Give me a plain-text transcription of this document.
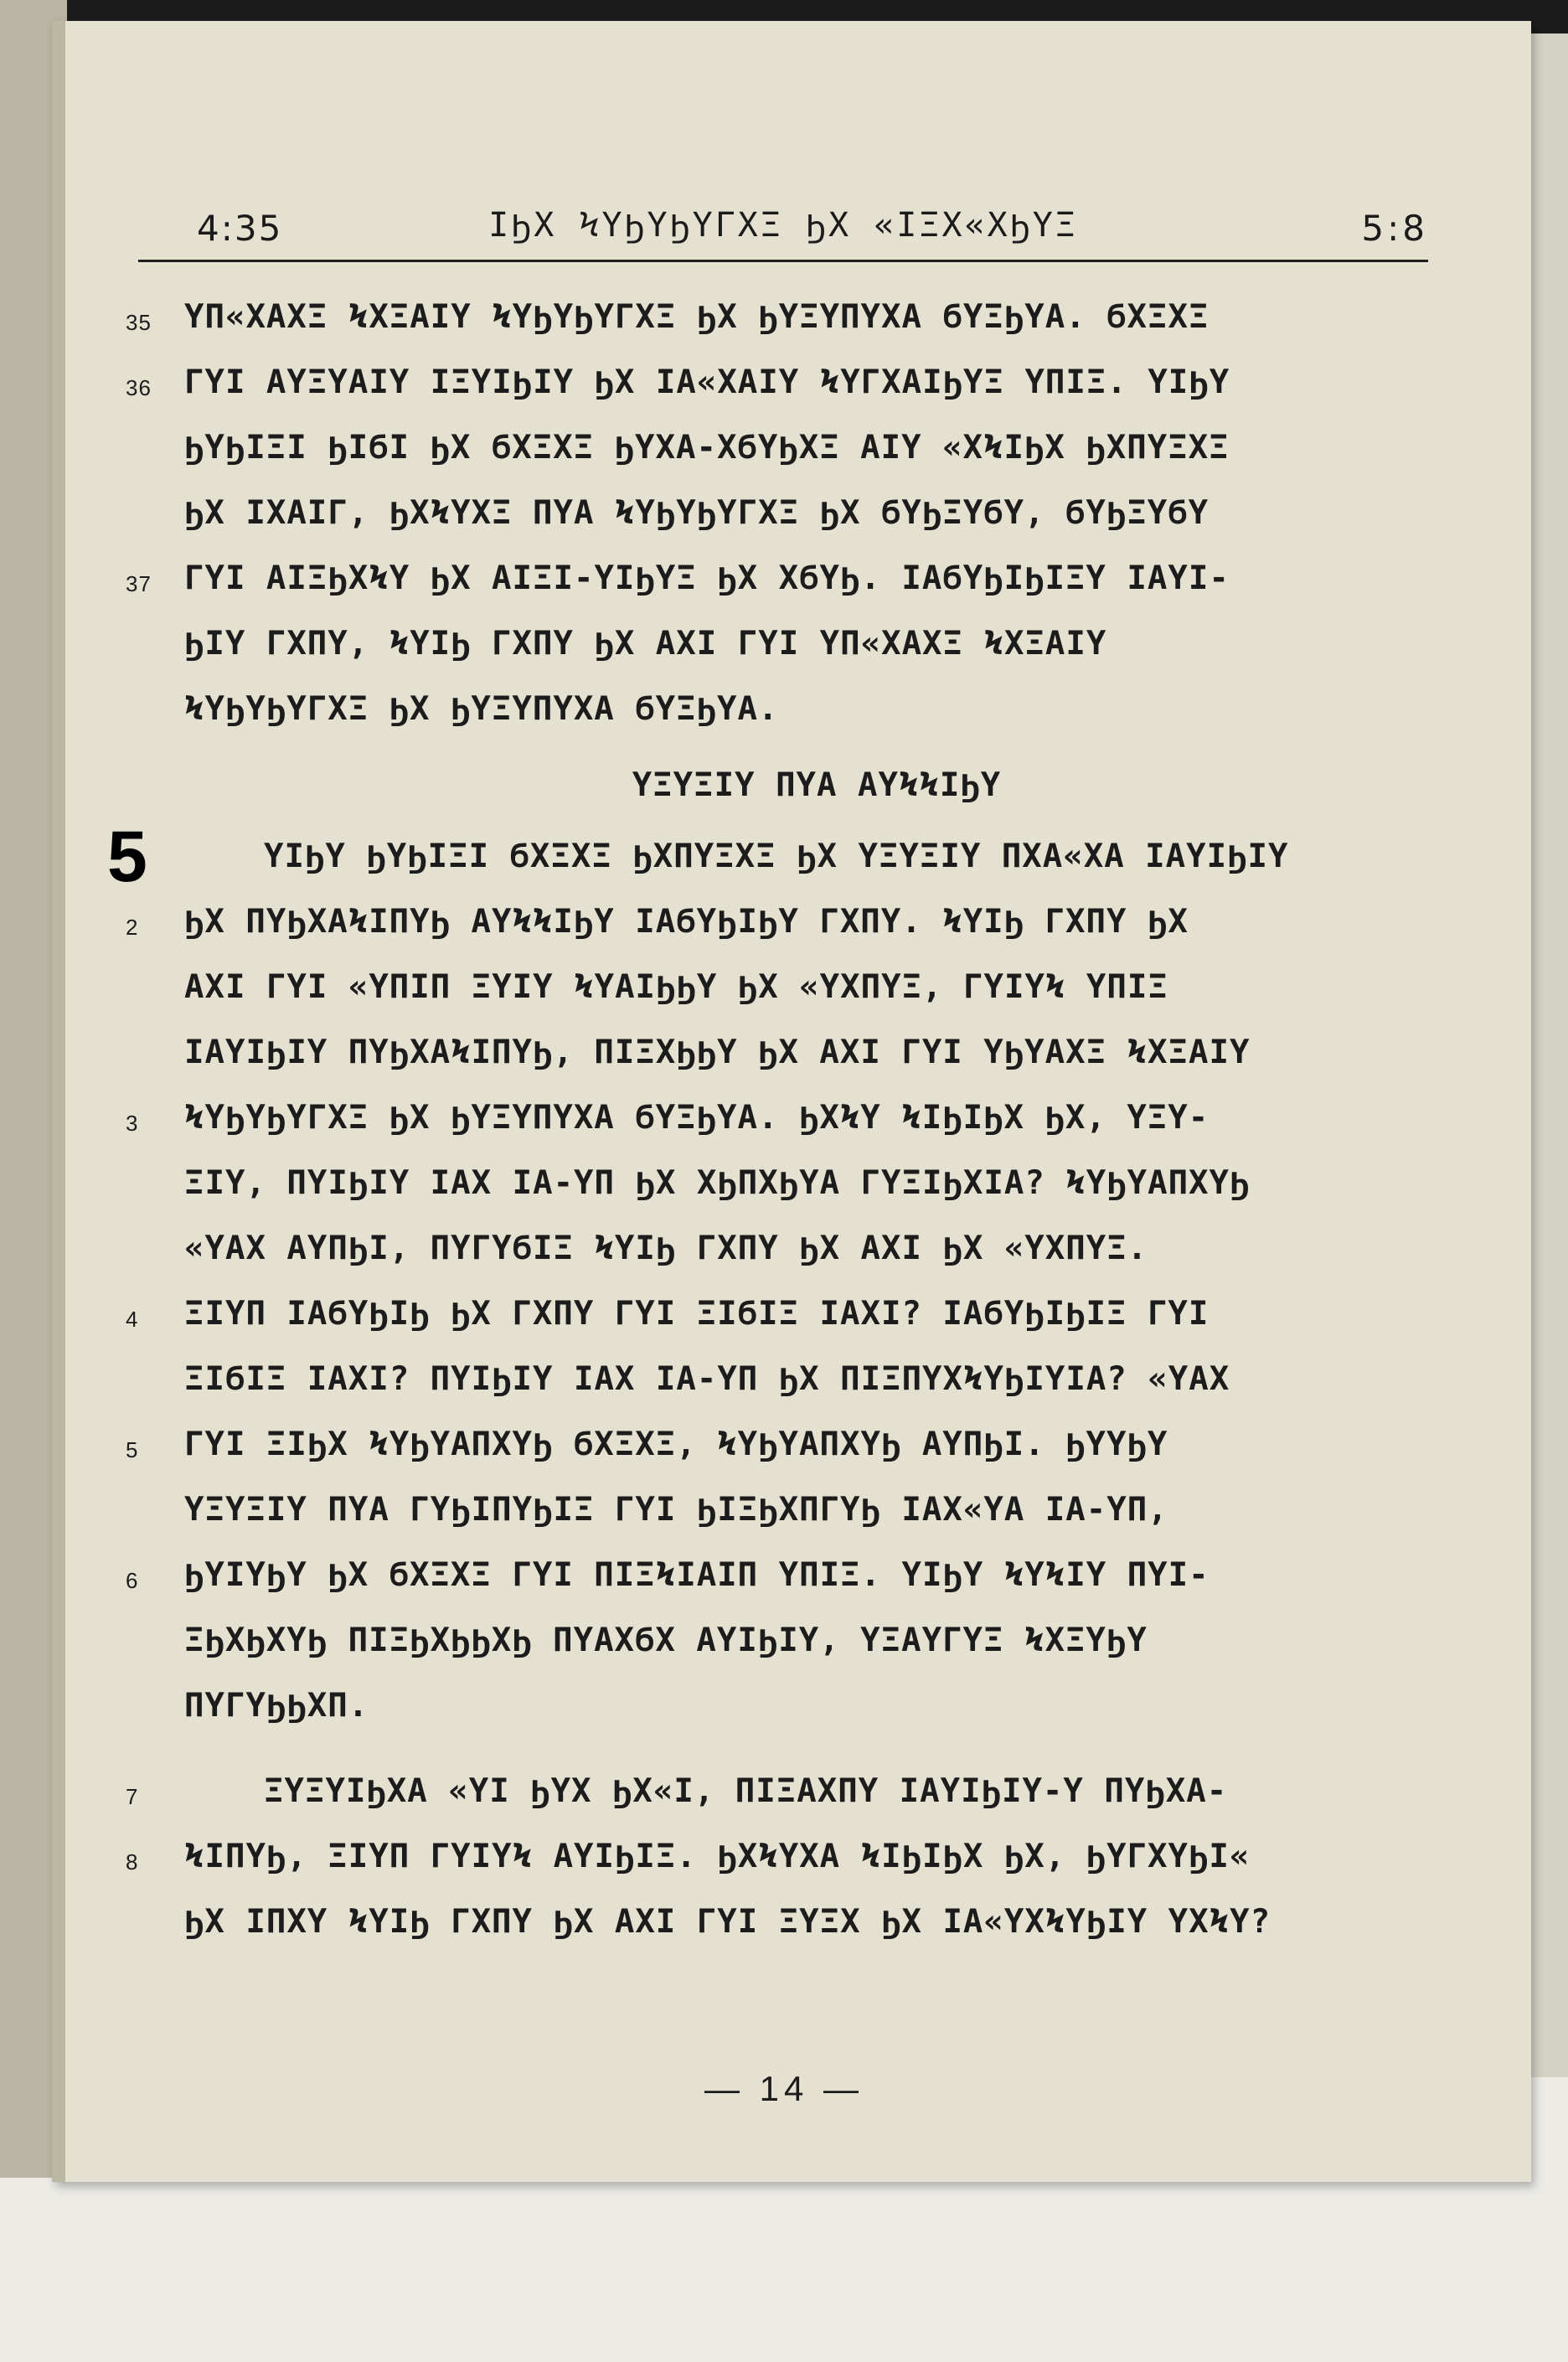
4:35	ΙϦΧ ϞΥϦΥϦΥΓΧΞ ϦΧ «ΙΞΧ«ΧϦΥΞ	5:8
35 ΥΠ«ΧΑΧΞ ϞΧΞΑΙΥ ϞΥϦΥϦΥΓΧΞ ϦΧ ϦΥΞΥΠΥΧΑ ϬΥΞϦΥΑ. ϬΧΞΧΞ
36 ΓΥΙ ΑΥΞΥΑΙΥ ΙΞΥΙϦΙΥ ϦΧ ΙΑ«ΧΑΙΥ ϞΥΓΧΑΙϦΥΞ ΥΠΙΞ. ΥΙϦΥ
ϦΥϦΙΞΙ ϦΙϬΙ ϦΧ ϬΧΞΧΞ ϦΥΧΑ-ΧϬΥϦΧΞ ΑΙΥ «ΧϞΙϦΧ ϦΧΠΥΞΧΞ
ϦΧ ΙΧΑΙΓ, ϦΧϞΥΧΞ ΠΥΑ ϞΥϦΥϦΥΓΧΞ ϦΧ ϬΥϦΞΥϬΥ, ϬΥϦΞΥϬΥ
37 ΓΥΙ ΑΙΞϦΧϞΥ ϦΧ ΑΙΞΙ-ΥΙϦΥΞ ϦΧ ΧϬΥϦ. ΙΑϬΥϦΙϦΙΞΥ ΙΑΥΙ-
ϦΙΥ ΓΧΠΥ, ϞΥΙϦ ΓΧΠΥ ϦΧ ΑΧΙ ΓΥΙ ΥΠ«ΧΑΧΞ ϞΧΞΑΙΥ
ϞΥϦΥϦΥΓΧΞ ϦΧ ϦΥΞΥΠΥΧΑ ϬΥΞϦΥΑ.
ΥΞΥΞΙΥ ΠΥΑ ΑΥϞϞΙϦΥ
5	ΥΙϦΥ ϦΥϦΙΞΙ ϬΧΞΧΞ ϦΧΠΥΞΧΞ ϦΧ ΥΞΥΞΙΥ ΠΧΑ«ΧΑ ΙΑΥΙϦΙΥ
2 ϦΧ ΠΥϦΧΑϞΙΠΥϦ ΑΥϞϞΙϦΥ ΙΑϬΥϦΙϦΥ ΓΧΠΥ. ϞΥΙϦ ΓΧΠΥ ϦΧ
ΑΧΙ ΓΥΙ «ΥΠΙΠ ΞΥΙΥ ϞΥΑΙϦϦΥ ϦΧ «ΥΧΠΥΞ, ΓΥΙΥϞ ΥΠΙΞ
ΙΑΥΙϦΙΥ ΠΥϦΧΑϞΙΠΥϦ, ΠΙΞΧϦϦΥ ϦΧ ΑΧΙ ΓΥΙ ΥϦΥΑΧΞ ϞΧΞΑΙΥ
3 ϞΥϦΥϦΥΓΧΞ ϦΧ ϦΥΞΥΠΥΧΑ ϬΥΞϦΥΑ. ϦΧϞΥ ϞΙϦΙϦΧ ϦΧ, ΥΞΥ-
ΞΙΥ, ΠΥΙϦΙΥ ΙΑΧ ΙΑ-ΥΠ ϦΧ ΧϦΠΧϦΥΑ ΓΥΞΙϦΧΙΑ? ϞΥϦΥΑΠΧΥϦ
«ΥΑΧ ΑΥΠϦΙ, ΠΥΓΥϬΙΞ ϞΥΙϦ ΓΧΠΥ ϦΧ ΑΧΙ ϦΧ «ΥΧΠΥΞ.
4 ΞΙΥΠ ΙΑϬΥϦΙϦ ϦΧ ΓΧΠΥ ΓΥΙ ΞΙϬΙΞ ΙΑΧΙ? ΙΑϬΥϦΙϦΙΞ ΓΥΙ
ΞΙϬΙΞ ΙΑΧΙ? ΠΥΙϦΙΥ ΙΑΧ ΙΑ-ΥΠ ϦΧ ΠΙΞΠΥΧϞΥϦΙΥΙΑ? «ΥΑΧ
5 ΓΥΙ ΞΙϦΧ ϞΥϦΥΑΠΧΥϦ ϬΧΞΧΞ, ϞΥϦΥΑΠΧΥϦ ΑΥΠϦΙ. ϦΥΥϦΥ
ΥΞΥΞΙΥ ΠΥΑ ΓΥϦΙΠΥϦΙΞ ΓΥΙ ϦΙΞϦΧΠΓΥϦ ΙΑΧ«ΥΑ ΙΑ-ΥΠ,
6 ϦΥΙΥϦΥ ϦΧ ϬΧΞΧΞ ΓΥΙ ΠΙΞϞΙΑΙΠ ΥΠΙΞ. ΥΙϦΥ ϞΥϞΙΥ ΠΥΙ-
ΞϦΧϦΧΥϦ ΠΙΞϦΧϦϦΧϦ ΠΥΑΧϬΧ ΑΥΙϦΙΥ, ΥΞΑΥΓΥΞ ϞΧΞΥϦΥ
ΠΥΓΥϦϦΧΠ.
7	ΞΥΞΥΙϦΧΑ «ΥΙ ϦΥΧ ϦΧ«Ι, ΠΙΞΑΧΠΥ ΙΑΥΙϦΙΥ-Υ ΠΥϦΧΑ-
8 ϞΙΠΥϦ, ΞΙΥΠ ΓΥΙΥϞ ΑΥΙϦΙΞ. ϦΧϞΥΧΑ ϞΙϦΙϦΧ ϦΧ, ϦΥΓΧΥϦΙ«
ϦΧ ΙΠΧΥ ϞΥΙϦ ΓΧΠΥ ϦΧ ΑΧΙ ΓΥΙ ΞΥΞΧ ϦΧ ΙΑ«ΥΧϞΥϦΙΥ ΥΧϞΥ?
— 14 —
